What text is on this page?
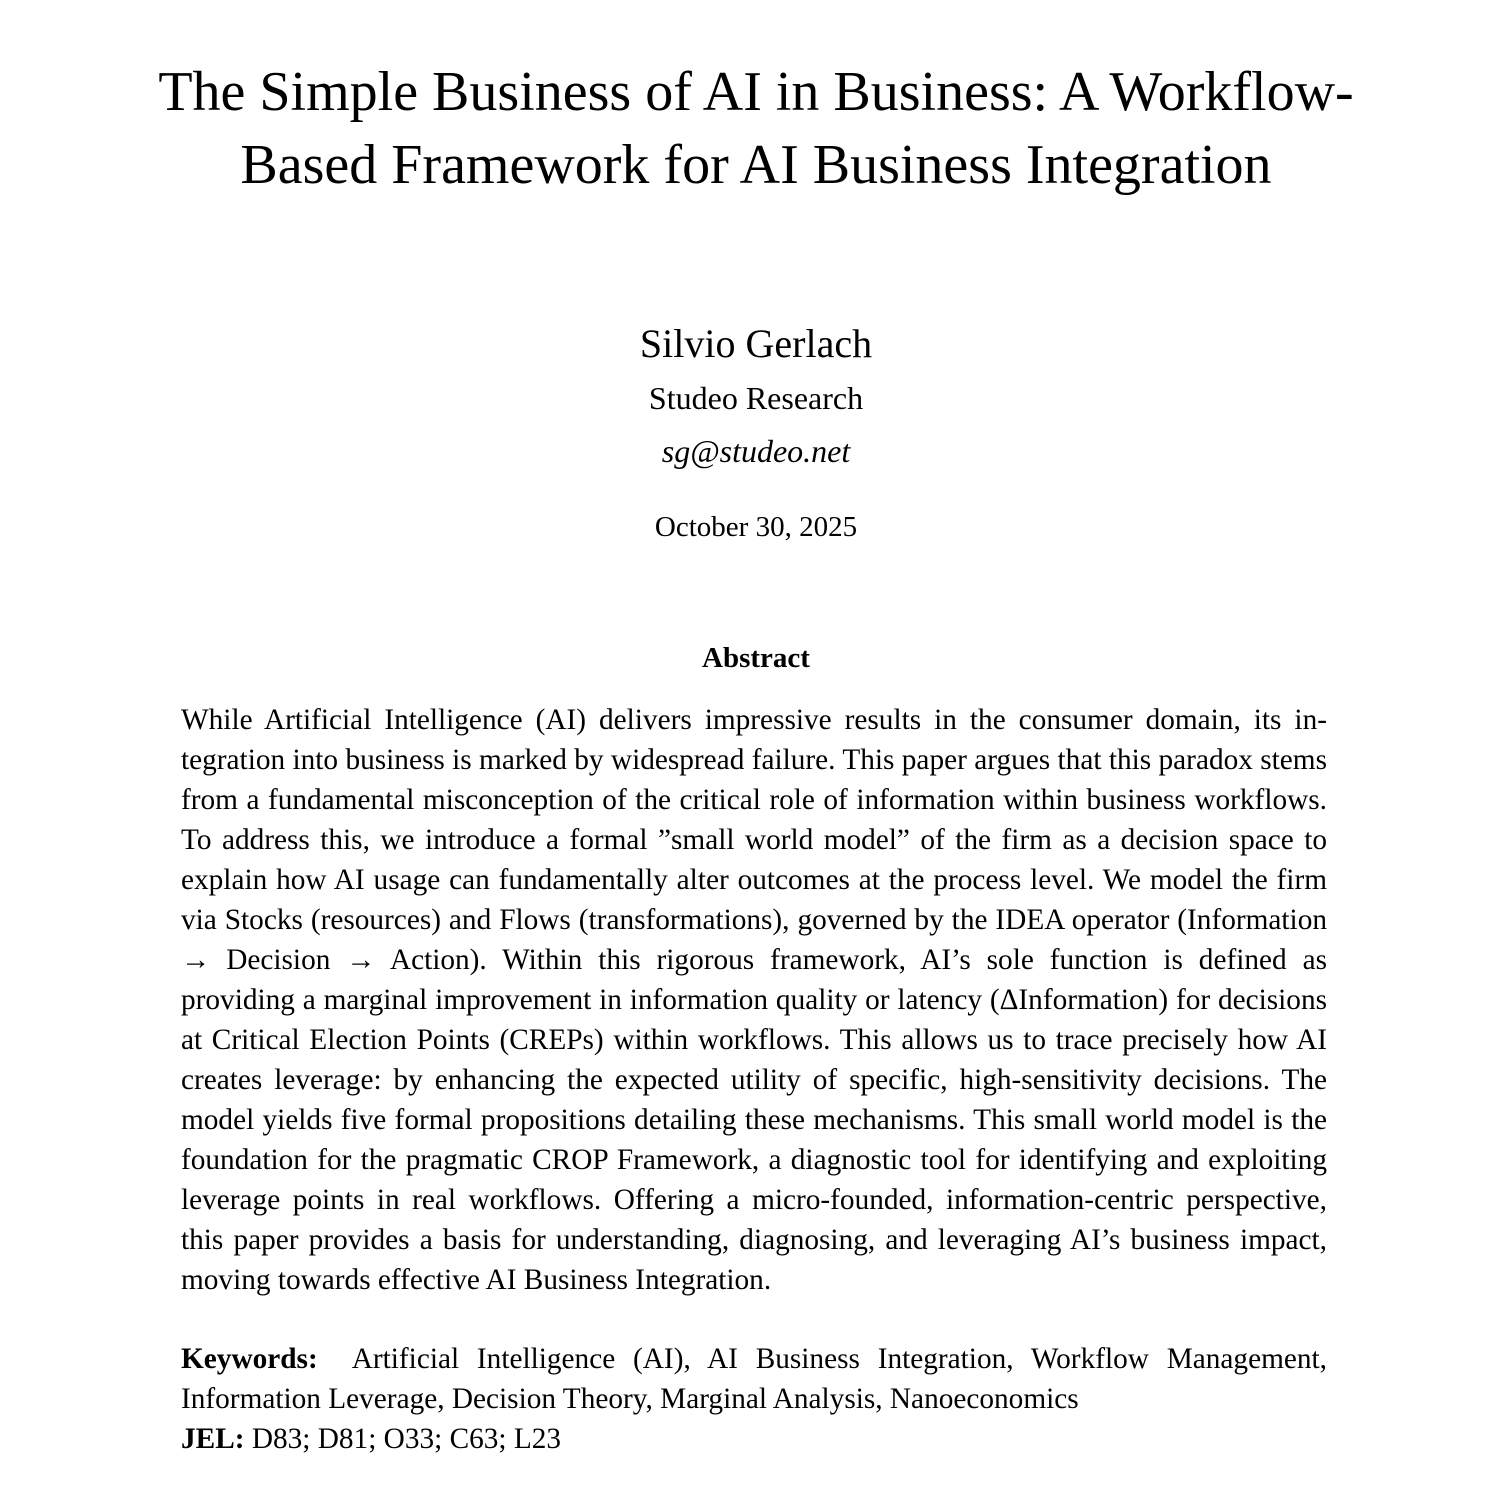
The Simple Business of AI in Business: A Workflow-Based Framework for AI Business Integration
Silvio Gerlach
Studeo Research
sg@studeo.net
October 30, 2025
Abstract

While Artificial Intelligence (AI) delivers impressive results in the consumer domain, its integration into business is marked by widespread failure. This paper argues that this paradox stems from a fundamental misconception of the critical role of information within business workflows. To address this, we introduce a formal ”small world model” of the firm as a decision space to explain how AI usage can fundamentally alter outcomes at the process level. We model the firm via Stocks (resources) and Flows (transformations), governed by the IDEA operator (Information → Decision → Action). Within this rigorous framework, AI’s sole function is defined as providing a marginal improvement in information quality or latency (ΔInformation) for decisions at Critical Election Points (CREPs) within workflows. This allows us to trace precisely how AI creates leverage: by enhancing the expected utility of specific, high-sensitivity decisions. The model yields five formal propositions detailing these mechanisms. This small world model is the foundation for the pragmatic CROP Framework, a diagnostic tool for identifying and exploiting leverage points in real workflows. Offering a micro-founded, information-centric perspective, this paper provides a basis for understanding, diagnosing, and leveraging AI’s business impact, moving towards effective AI Business Integration.

Keywords: Artificial Intelligence (AI), AI Business Integration, Workflow Management, Information Leverage, Decision Theory, Marginal Analysis, Nanoeconomics

JEL: D83; D81; O33; C63; L23
